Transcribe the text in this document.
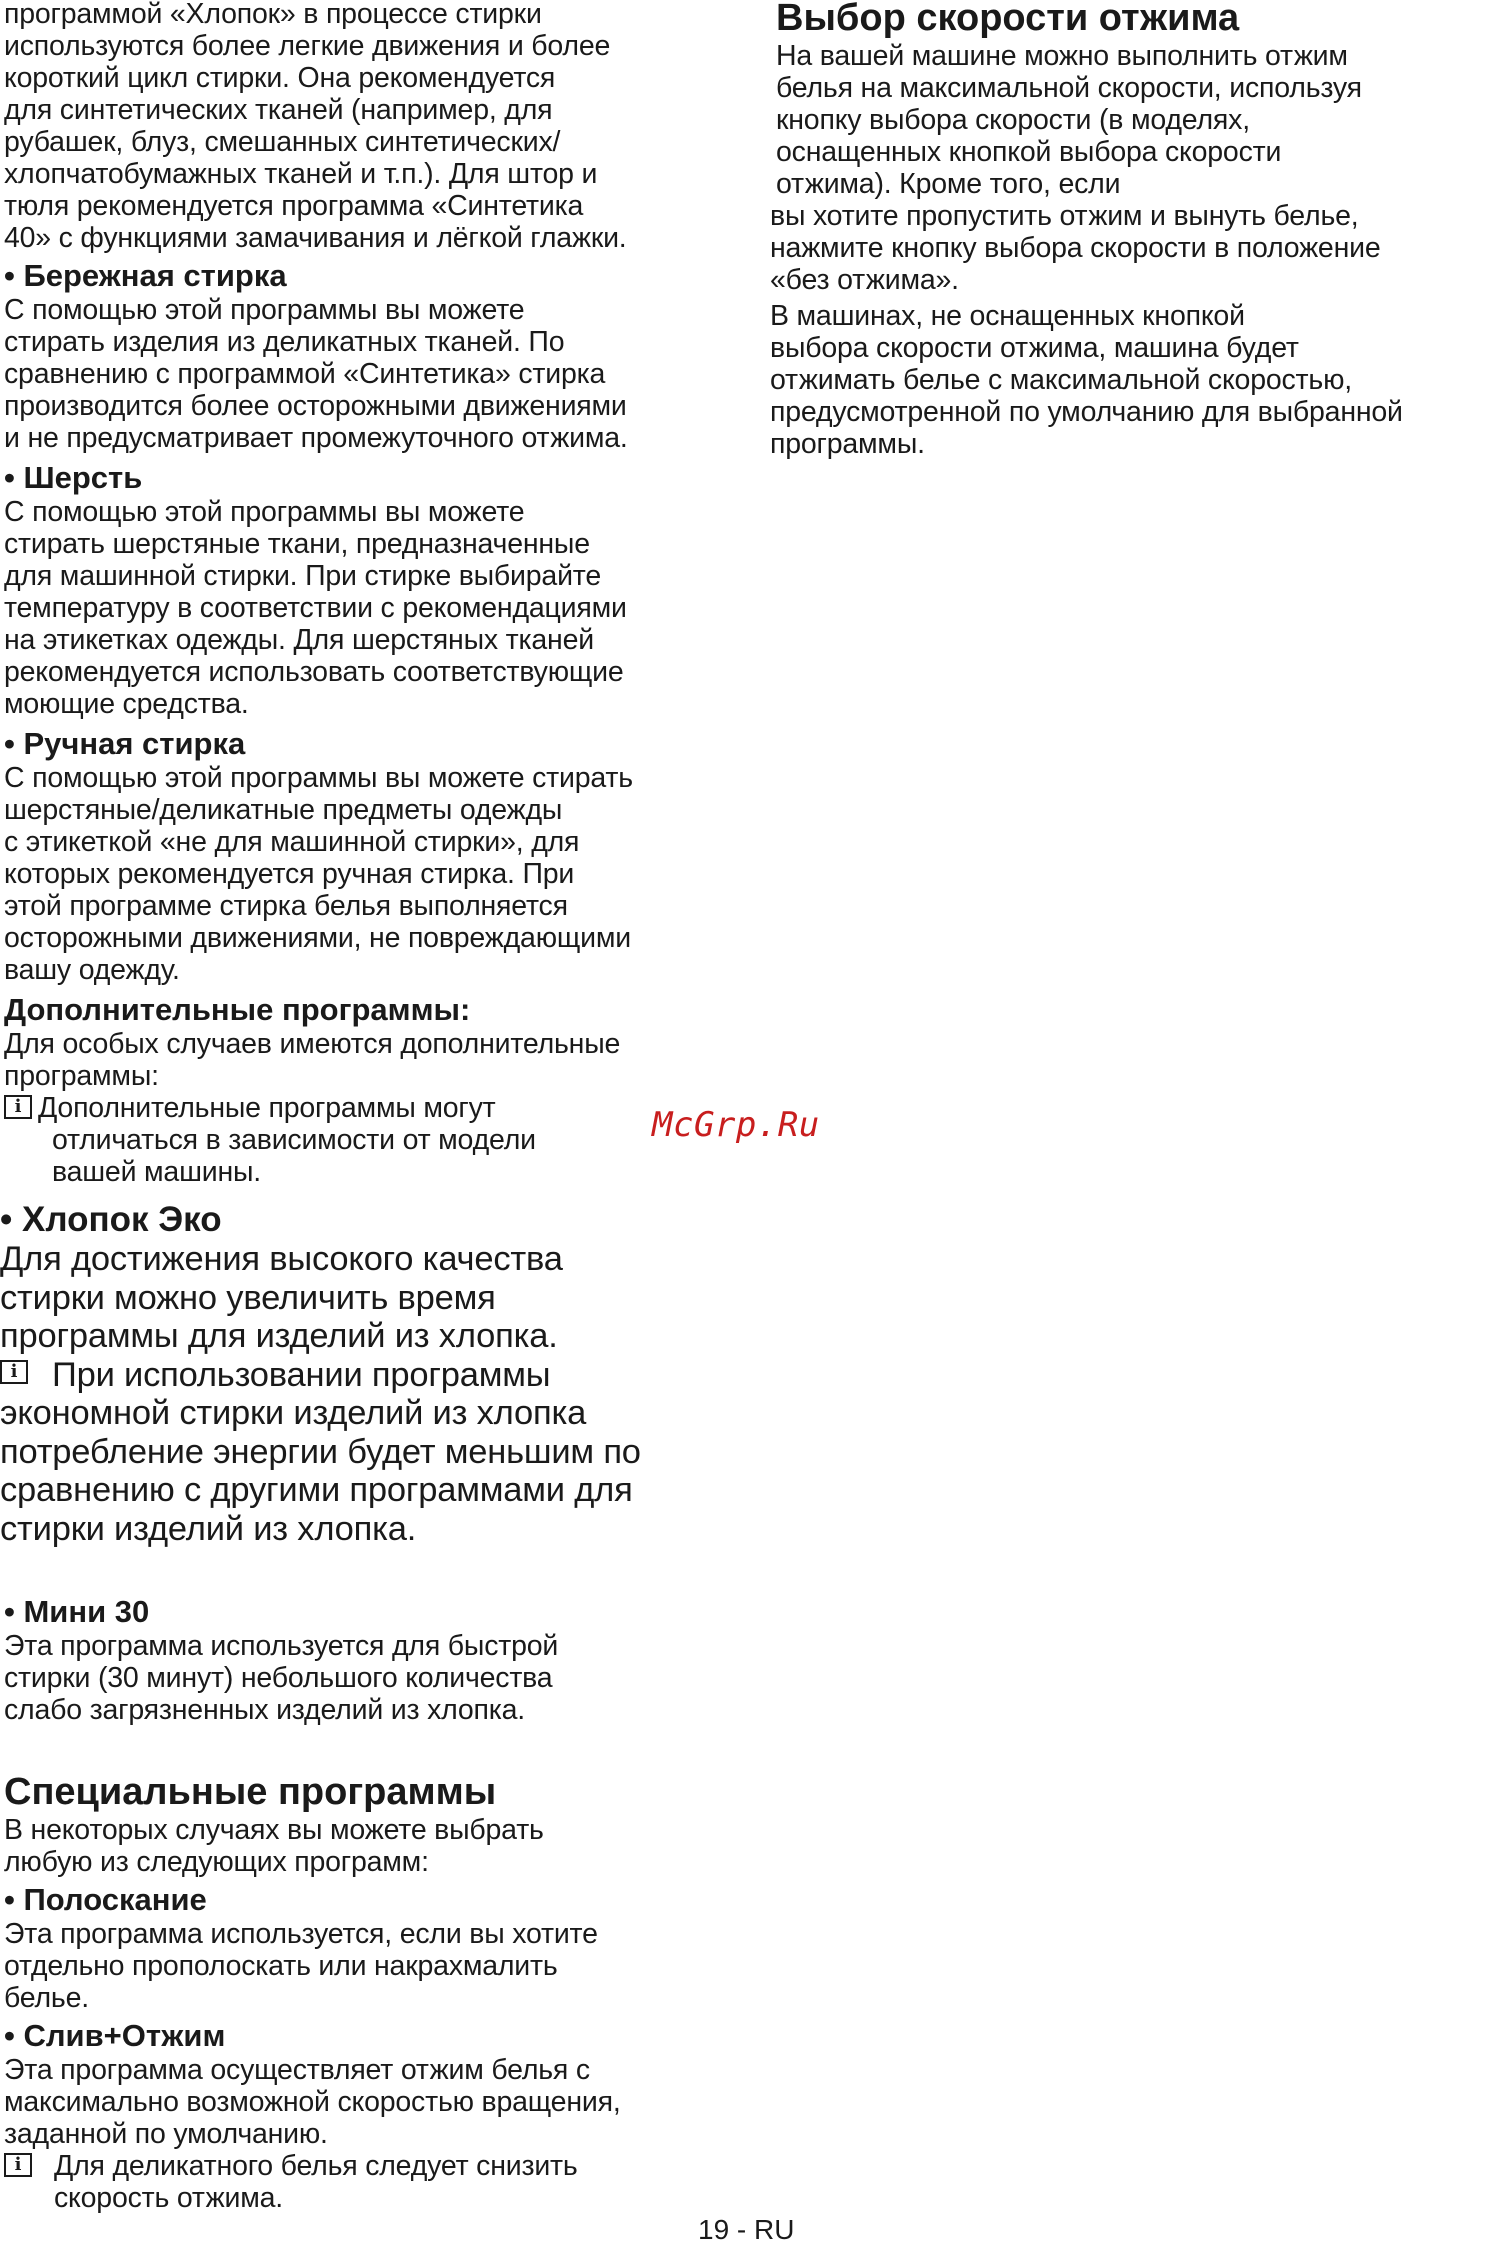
программой «Хлопок» в процессе стирки

используются более легкие движения и более

короткий цикл стирки. Она рекомендуется

для синтетических тканей (например, для

рубашек, блуз, смешанных синтетических/

хлопчатобумажных тканей и т.п.). Для штор и

тюля рекомендуется программа «Синтетика

40» с функциями замачивания и лёгкой глажки.

• Бережная стирка

С помощью этой программы вы можете

стирать изделия из деликатных тканей. По

сравнению с программой «Синтетика» стирка

производится более осторожными движениями

и не предусматривает промежуточного отжима.

• Шерсть

С помощью этой программы вы можете

стирать шерстяные ткани, предназначенные

для машинной стирки. При стирке выбирайте

температуру в соответствии с рекомендациями

на этикетках одежды. Для шерстяных тканей

рекомендуется использовать соответствующие

моющие средства.

• Ручная стирка

С помощью этой программы вы можете стирать

шерстяные/деликатные предметы одежды

с этикеткой «не для машинной стирки», для

которых рекомендуется ручная стирка. При

этой программе стирка белья выполняется

осторожными движениями, не повреждающими

вашу одежду.

Дополнительные программы:

Для особых случаев имеются дополнительные

программы:

i Дополнительные программы могут

отличаться в зависимости от модели

вашей машины.

• Хлопок Эко

Для достижения высокого качества

стирки можно увеличить время

программы для изделий из хлопка.

i	При использовании программы

экономной стирки изделий из хлопка

потребление энергии будет меньшим по

сравнению с другими программами для

стирки изделий из хлопка.

• Мини 30

Эта программа используется для быстрой

стирки (30 минут) небольшого количества

слабо загрязненных изделий из хлопка.

Специальные программы

В некоторых случаях вы можете выбрать

любую из следующих программ:

• Полоскание

Эта программа используется, если вы хотите

отдельно прополоскать или накрахмалить

белье.

• Слив+Отжим

Эта программа осуществляет отжим белья с

максимально возможной скоростью вращения,

заданной по умолчанию.

i	Для деликатного белья следует снизить

скорость отжима.

Выбор скорости отжима

На вашей машине можно выполнить отжим

белья на максимальной скорости, используя

кнопку выбора скорости (в моделях,

оснащенных кнопкой выбора скорости

отжима). Кроме того, если

вы хотите пропустить отжим и вынуть белье,

нажмите кнопку выбора скорости в положение

«без отжима».

В машинах, не оснащенных кнопкой

выбора скорости отжима, машина будет

отжимать белье с максимальной скоростью,

предусмотренной по умолчанию для выбранной

программы.

McGrp.Ru
19 - RU
